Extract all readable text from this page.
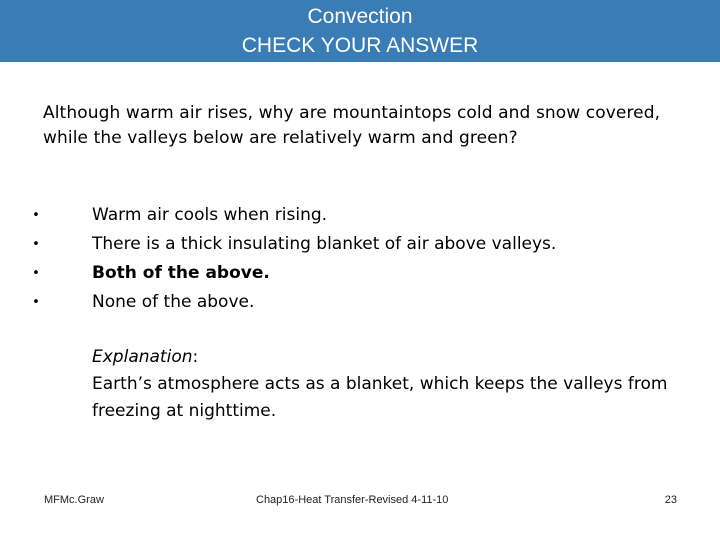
Convection
CHECK YOUR ANSWER
Although warm air rises, why are mountaintops cold and snow covered, while the valleys below are relatively warm and green?
•	Warm air cools when rising.
•	There is a thick insulating blanket of air above valleys.
•	Both of the above.
•	None of the above.
Explanation:
Earth’s atmosphere acts as a blanket, which keeps the valleys from freezing at nighttime.
MFMc.Graw	Chap16-Heat Transfer-Revised 4-11-10	23
